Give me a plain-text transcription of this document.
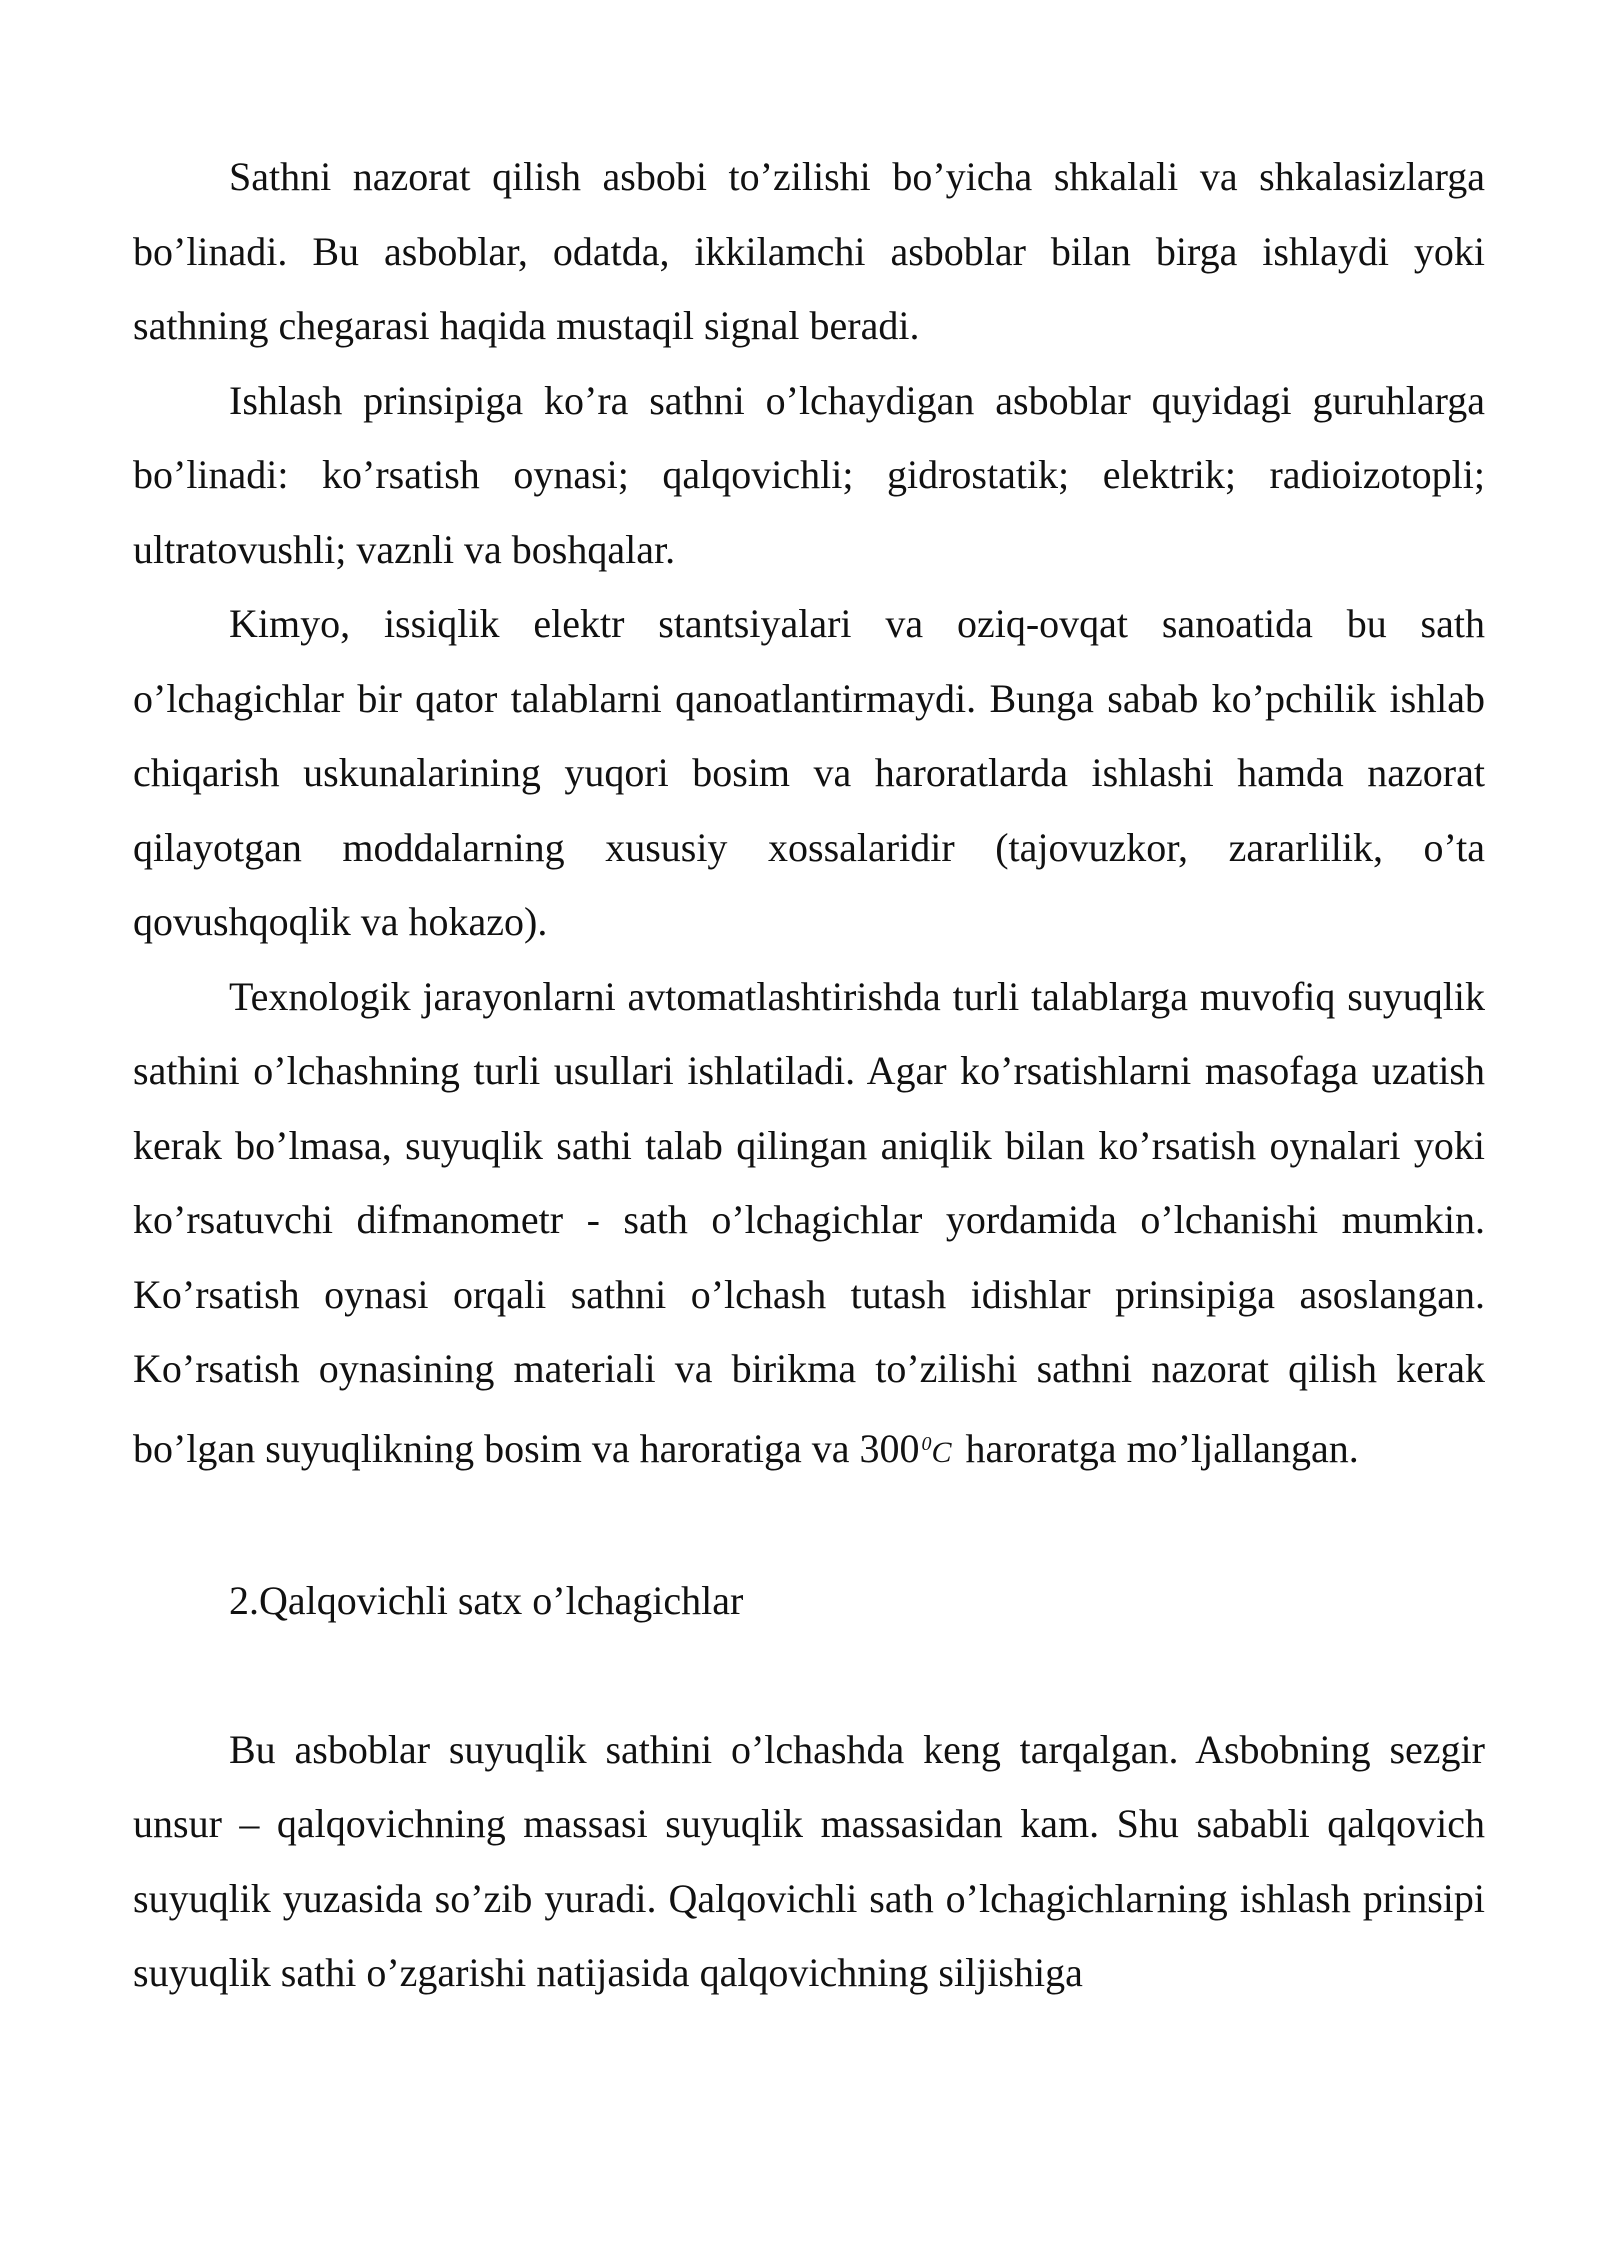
Sathni nazorat qilish asbobi to’zilishi bo’yicha shkalali va shkalasizlarga bo’linadi. Bu asboblar, odatda, ikkilamchi asboblar bilan birga ishlaydi yoki sathning chegarasi haqida mustaqil signal beradi.

Ishlash prinsipiga ko’ra sathni o’lchaydigan asboblar quyidagi guruhlarga bo’linadi: ko’rsatish oynasi; qalqovichli; gidrostatik; elektrik; radioizotopli; ultratovushli; vaznli va boshqalar.

Kimyo, issiqlik elektr stantsiyalari va oziq-ovqat sanoatida bu sath o’lchagichlar bir qator talablarni qanoatlantirmaydi. Bunga sabab ko’pchilik ishlab chiqarish uskunalarining yuqori bosim va haroratlarda ishlashi hamda nazorat qilayotgan moddalarning xususiy xossalaridir (tajovuzkor, zararlilik, o’ta qovushqoqlik va hokazo).

Texnologik jarayonlarni avtomatlashtirishda turli talablarga muvofiq suyuqlik sathini o’lchashning turli usullari ishlatiladi. Agar ko’rsatishlarni masofaga uzatish kerak bo’lmasa, suyuqlik sathi talab qilingan aniqlik bilan ko’rsatish oynalari yoki ko’rsatuvchi difmanometr - sath o’lchagichlar yordamida o’lchanishi mumkin. Ko’rsatish oynasi orqali sathni o’lchash tutash idishlar prinsipiga asoslangan. Ko’rsatish oynasining materiali va birikma to’zilishi sathni nazorat qilish kerak bo’lgan suyuqlikning bosim va haroratiga va 300 $^0$C haroratga mo’ljallangan.

2.Qalqovichli satx o’lchagichlar

Bu asboblar suyuqlik sathini o’lchashda keng tarqalgan. Asbobning sezgir unsur – qalqovichning massasi suyuqlik massasidan kam. Shu sababli qalqovich suyuqlik yuzasida so’zib yuradi. Qalqovichli sath o’lchagichlarning ishlash prinsipi suyuqlik sathi o’zgarishi natijasida qalqovichning siljishiga
